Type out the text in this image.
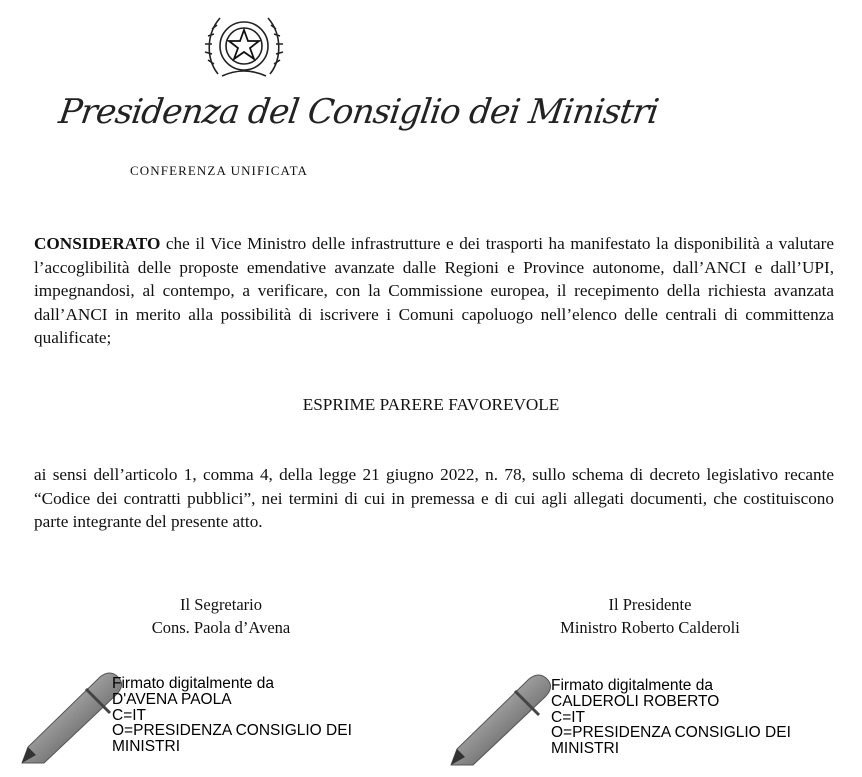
Presidenza del Consiglio dei Ministri
CONFERENZA UNIFICATA

CONSIDERATO che il Vice Ministro delle infrastrutture e dei trasporti ha manifestato la disponibilità a valutare l’accoglibilità delle proposte emendative avanzate dalle Regioni e Province autonome, dall’ANCI e dall’UPI, impegnandosi, al contempo, a verificare, con la Commissione europea, il recepimento della richiesta avanzata dall’ANCI in merito alla possibilità di iscrivere i Comuni capoluogo nell’elenco delle centrali di committenza qualificate;

ESPRIME PARERE FAVOREVOLE

ai sensi dell’articolo 1, comma 4, della legge 21 giugno 2022, n. 78, sullo schema di decreto legislativo recante “Codice dei contratti pubblici”, nei termini di cui in premessa e di cui agli allegati documenti, che costituiscono parte integrante del presente atto.

Il Segretario
Cons. Paola d’Avena
Il Presidente
Ministro Roberto Calderoli
Firmato digitalmente da
D'AVENA PAOLA
C=IT
O=PRESIDENZA CONSIGLIO DEI
MINISTRI
Firmato digitalmente da
CALDEROLI ROBERTO
C=IT
O=PRESIDENZA CONSIGLIO DEI
MINISTRI
